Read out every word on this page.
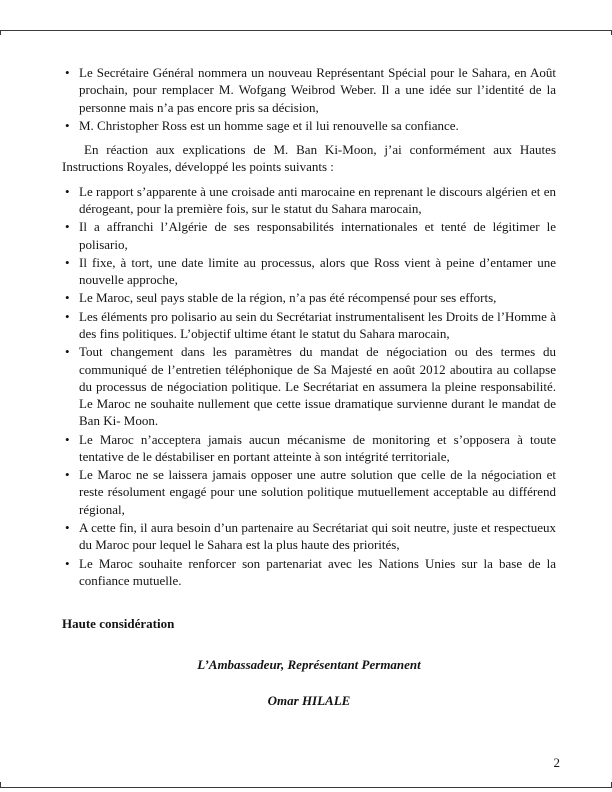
• Le Secrétaire Général nommera un nouveau Représentant Spécial pour le Sahara, en Août prochain, pour remplacer M. Wofgang Weibrod Weber. Il a une idée sur l’identité de la personne mais n’a pas encore pris sa décision,
• M. Christopher Ross est un homme sage et il lui renouvelle sa confiance.

En réaction aux explications de M. Ban Ki-Moon, j’ai conformément aux Hautes Instructions Royales, développé les points suivants :

• Le rapport s’apparente à une croisade anti marocaine en reprenant le discours algérien et en dérogeant, pour la première fois, sur le statut du Sahara marocain,
• Il a affranchi l’Algérie de ses responsabilités internationales et tenté de légitimer le polisario,
• Il fixe, à tort, une date limite au processus, alors que Ross vient à peine d’entamer une nouvelle approche,
• Le Maroc, seul pays stable de la région, n’a pas été récompensé pour ses efforts,
• Les éléments pro polisario au sein du Secrétariat instrumentalisent les Droits de l’Homme à des fins politiques. L’objectif ultime étant le statut du Sahara marocain,
• Tout changement dans les paramètres du mandat de négociation ou des termes du communiqué de l’entretien téléphonique de Sa Majesté en août 2012 aboutira au collapse du processus de négociation politique. Le Secrétariat en assumera la pleine responsabilité. Le Maroc ne souhaite nullement que cette issue dramatique survienne durant le mandat de Ban Ki- Moon.
• Le Maroc n’acceptera jamais aucun mécanisme de monitoring et s’opposera à toute tentative de le déstabiliser en portant atteinte à son intégrité territoriale,
• Le Maroc ne se laissera jamais opposer une autre solution que celle de la négociation et reste résolument engagé pour une solution politique mutuellement acceptable au différend régional,
• A cette fin, il aura besoin d’un partenaire au Secrétariat qui soit neutre, juste et respectueux du Maroc pour lequel le Sahara est la plus haute des priorités,
• Le Maroc souhaite renforcer son partenariat avec les Nations Unies sur la base de la confiance mutuelle.

Haute considération

L’Ambassadeur, Représentant Permanent

Omar HILALE

2
